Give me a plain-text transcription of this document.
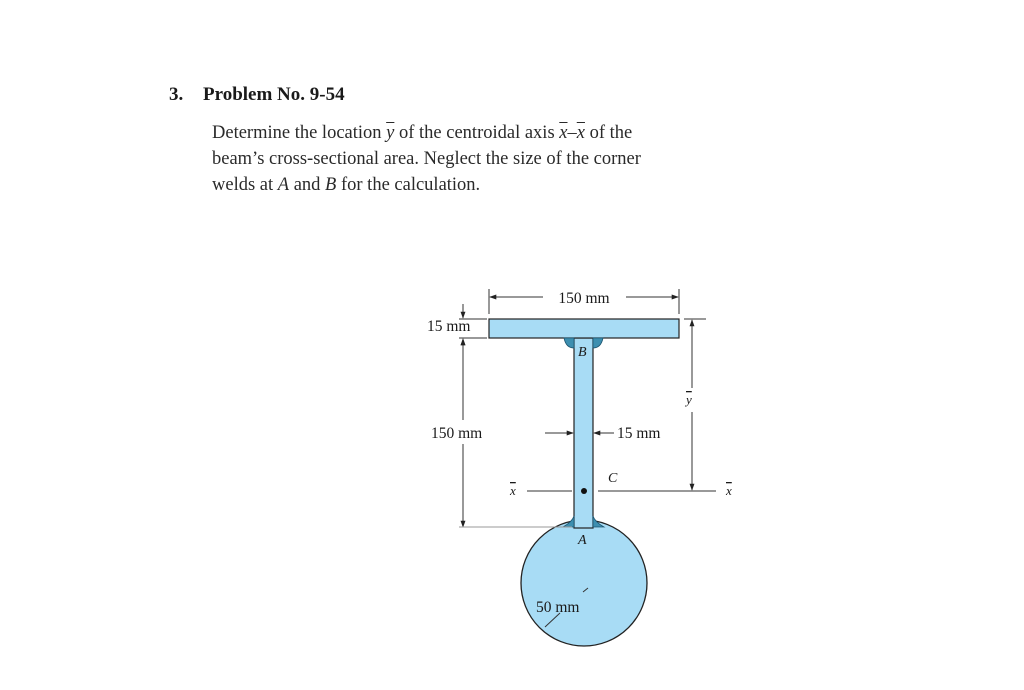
3. Problem No. 9-54

Determine the location $\overline{y}$ of the centroidal axis $\overline{x}-\overline{x}$ of the

beam’s cross-sectional area. Neglect the size of the corner

welds at A and B for the calculation.

150 mm
15 mm
150 mm	15 mm
50 mm
B
A
C
y
x	x
